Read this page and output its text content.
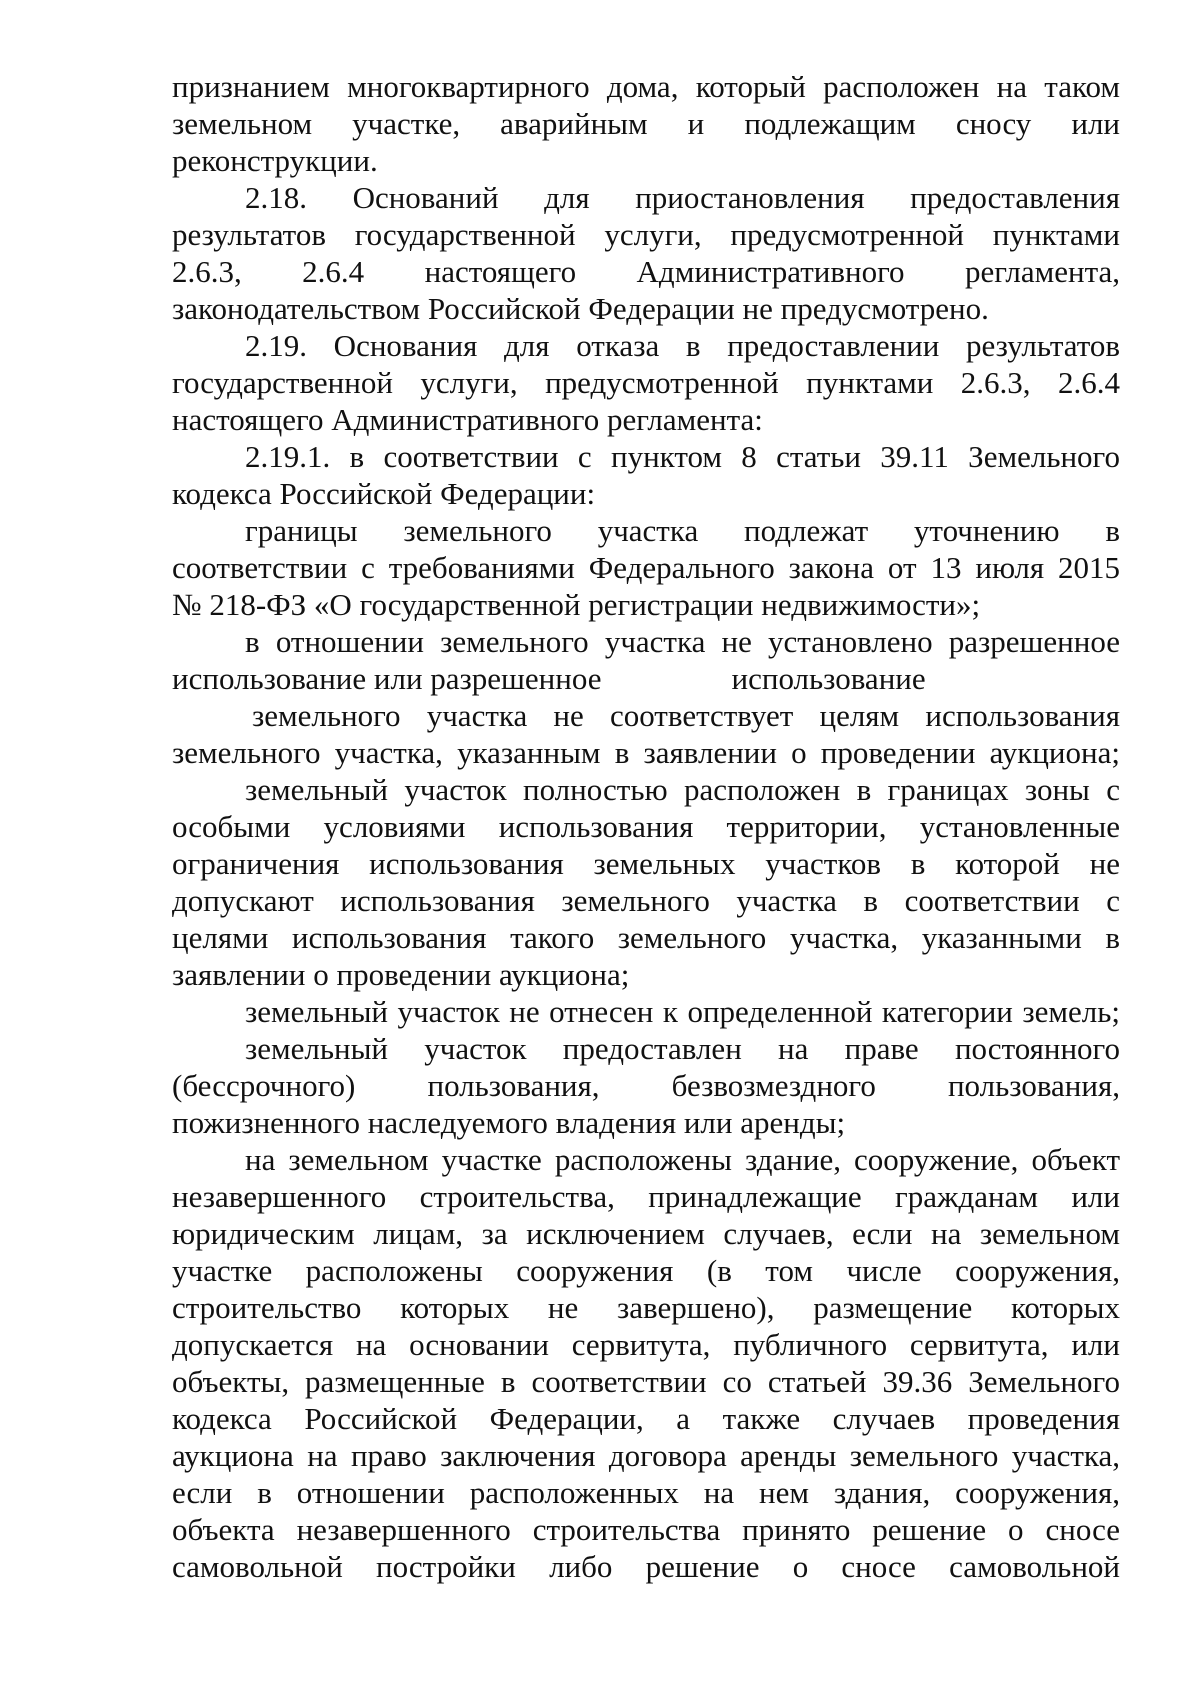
признанием многоквартирного дома, который расположен на таком
земельном участке, аварийным и подлежащим сносу или
реконструкции.
2.18. Оснований для приостановления предоставления
результатов государственной услуги, предусмотренной пунктами
2.6.3, 2.6.4 настоящего Административного регламента,
законодательством Российской Федерации не предусмотрено.
2.19. Основания для отказа в предоставлении результатов
государственной услуги, предусмотренной пунктами 2.6.3, 2.6.4
настоящего Административного регламента:
2.19.1. в соответствии с пунктом 8 статьи 39.11 Земельного
кодекса Российской Федерации:
границы земельного участка подлежат уточнению в
соответствии с требованиями Федерального закона от 13 июля 2015
№ 218-ФЗ «О государственной регистрации недвижимости»;
в отношении земельного участка не установлено разрешенное
использование или разрешенное	использование
земельного участка не соответствует целям использования
земельного участка, указанным в заявлении о проведении аукциона;
земельный участок полностью расположен в границах зоны с
особыми условиями использования территории, установленные
ограничения использования земельных участков в которой не
допускают использования земельного участка в соответствии с
целями использования такого земельного участка, указанными в
заявлении о проведении аукциона;
земельный участок не отнесен к определенной категории земель;
земельный участок предоставлен на праве постоянного
(бессрочного) пользования, безвозмездного пользования,
пожизненного наследуемого владения или аренды;
на земельном участке расположены здание, сооружение, объект
незавершенного строительства, принадлежащие гражданам или
юридическим лицам, за исключением случаев, если на земельном
участке расположены сооружения (в том числе сооружения,
строительство которых не завершено), размещение которых
допускается на основании сервитута, публичного сервитута, или
объекты, размещенные в соответствии со статьей 39.36 Земельного
кодекса Российской Федерации, а также случаев проведения
аукциона на право заключения договора аренды земельного участка,
если в отношении расположенных на нем здания, сооружения,
объекта незавершенного строительства принято решение о сносе
самовольной постройки либо решение о сносе самовольной
